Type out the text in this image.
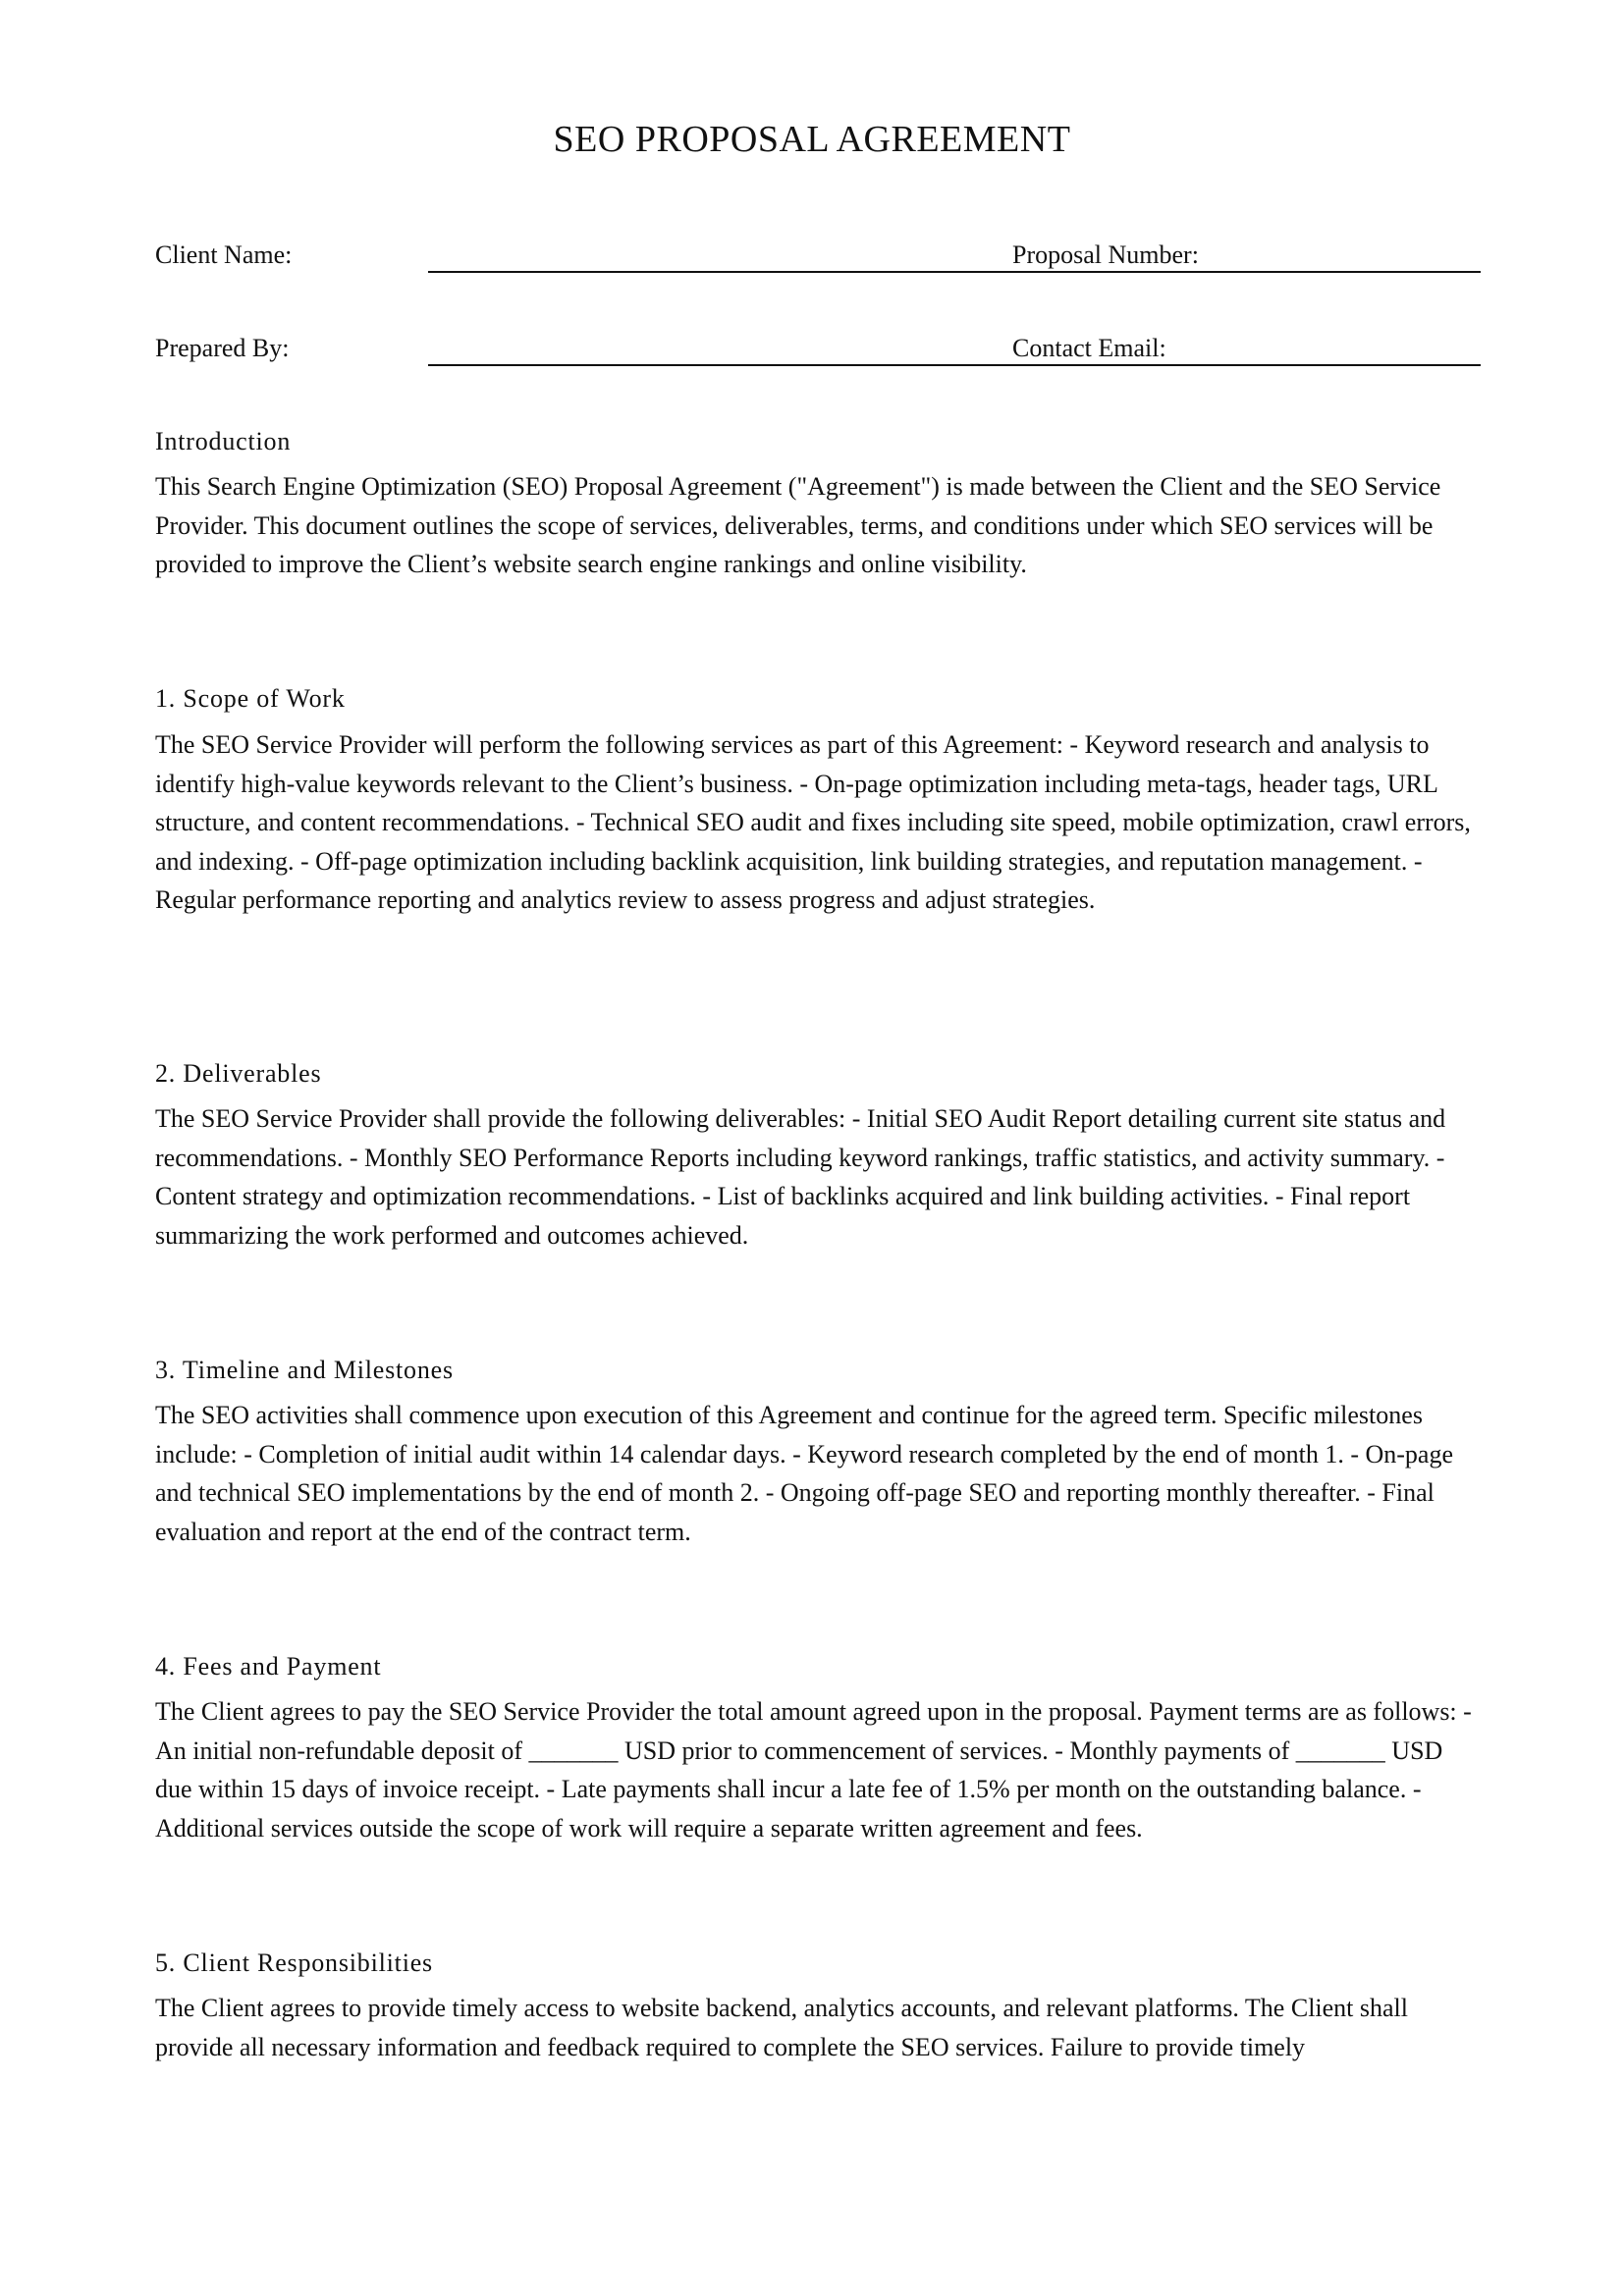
SEO PROPOSAL AGREEMENT
Client Name:	Proposal Number:
Prepared By:	Contact Email:
Introduction

This Search Engine Optimization (SEO) Proposal Agreement ("Agreement") is made between the Client and the SEO Service Provider. This document outlines the scope of services, deliverables, terms, and conditions under which SEO services will be provided to improve the Client’s website search engine rankings and online visibility.

1. Scope of Work

The SEO Service Provider will perform the following services as part of this Agreement: - Keyword research and analysis to identify high-value keywords relevant to the Client’s business. - On-page optimization including meta-tags, header tags, URL structure, and content recommendations. - Technical SEO audit and fixes including site speed, mobile optimization, crawl errors, and indexing. - Off-page optimization including backlink acquisition, link building strategies, and reputation management. - Regular performance reporting and analytics review to assess progress and adjust strategies.

2. Deliverables

The SEO Service Provider shall provide the following deliverables: - Initial SEO Audit Report detailing current site status and recommendations. - Monthly SEO Performance Reports including keyword rankings, traffic statistics, and activity summary. - Content strategy and optimization recommendations. - List of backlinks acquired and link building activities. - Final report summarizing the work performed and outcomes achieved.

3. Timeline and Milestones

The SEO activities shall commence upon execution of this Agreement and continue for the agreed term. Specific milestones include: - Completion of initial audit within 14 calendar days. - Keyword research completed by the end of month 1. - On-page and technical SEO implementations by the end of month 2. - Ongoing off-page SEO and reporting monthly thereafter. - Final evaluation and report at the end of the contract term.

4. Fees and Payment

The Client agrees to pay the SEO Service Provider the total amount agreed upon in the proposal. Payment terms are as follows: - An initial non-refundable deposit of _______ USD prior to commencement of services. - Monthly payments of _______ USD due within 15 days of invoice receipt. - Late payments shall incur a late fee of 1.5% per month on the outstanding balance. - Additional services outside the scope of work will require a separate written agreement and fees.

5. Client Responsibilities

The Client agrees to provide timely access to website backend, analytics accounts, and relevant platforms. The Client shall provide all necessary information and feedback required to complete the SEO services. Failure to provide timely
